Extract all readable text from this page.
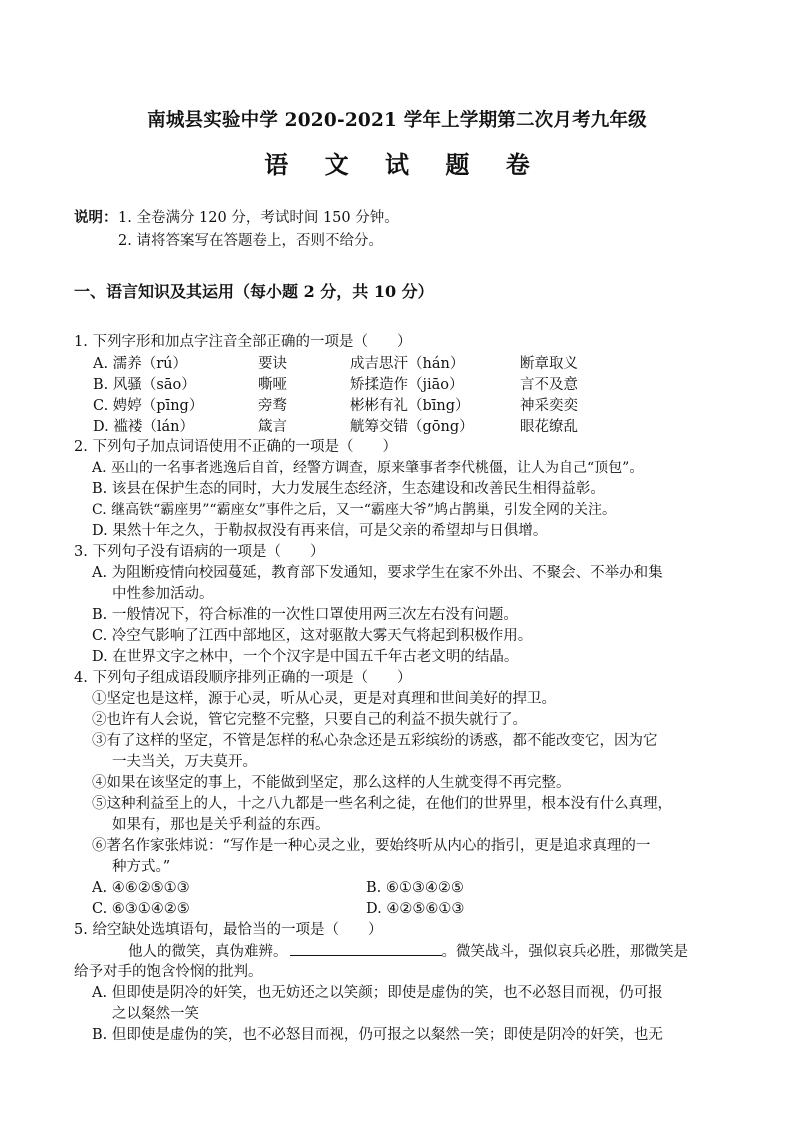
南城县实验中学 2020-2021 学年上学期第二次月考九年级
语 文 试 题 卷
说明： 1. 全卷满分 120 分，考试时间 150 分钟。
2. 请将答案写在答题卷上，否则不给分。
一、语言知识及其运用（每小题 2 分，共 10 分）
1. 下列字形和加点字注音全部正确的一项是（　　）
A. 濡养（rú）	要诀	成吉思汗（hán）	断章取义
B. 风骚（sāo）	嘶哑	矫揉造作（jiāo）	言不及意
C. 娉婷（pīng）	旁骛	彬彬有礼（bīng）	神采奕奕
D. 褴褛（lán）	箴言	觥筹交错（gōng）	眼花缭乱
2. 下列句子加点词语使用不正确的一项是（　　）
A. 巫山的一名事者逃逸后自首，经警方调查，原来肇事者李代桃僵，让人为自己“顶包”。
B. 该县在保护生态的同时，大力发展生态经济，生态建设和改善民生相得益彰。
C. 继高铁“霸座男”“霸座女”事件之后，又一“霸座大爷”鸠占鹊巢，引发全网的关注。
D. 果然十年之久，于勒叔叔没有再来信，可是父亲的希望却与日俱增。
3. 下列句子没有语病的一项是（　　）
A. 为阻断疫情向校园蔓延，教育部下发通知，要求学生在家不外出、不聚会、不举办和集
中性参加活动。
B. 一般情况下，符合标准的一次性口罩使用两三次左右没有问题。
C. 冷空气影响了江西中部地区，这对驱散大雾天气将起到积极作用。
D. 在世界文字之林中，一个个汉字是中国五千年古老文明的结晶。
4. 下列句子组成语段顺序排列正确的一项是（　　）
①坚定也是这样，源于心灵，听从心灵，更是对真理和世间美好的捍卫。
②也许有人会说，管它完整不完整，只要自己的利益不损失就行了。
③有了这样的坚定，不管是怎样的私心杂念还是五彩缤纷的诱惑，都不能改变它，因为它
一夫当关，万夫莫开。
④如果在该坚定的事上，不能做到坚定，那么这样的人生就变得不再完整。
⑤这种利益至上的人，十之八九都是一些名利之徒，在他们的世界里，根本没有什么真理，
如果有，那也是关乎利益的东西。
⑥著名作家张炜说：“写作是一种心灵之业，要始终听从内心的指引，更是追求真理的一
种方式。”
A. ④⑥②⑤①③	B. ⑥①③④②⑤
C. ⑥③①④②⑤	D. ④②⑤⑥①③
5. 给空缺处选填语句，最恰当的一项是（　　）
他人的微笑，真伪难辨。	。微笑战斗，强似哀兵必胜，那微笑是
给予对手的饱含怜悯的批判。
A. 但即使是阴冷的奸笑，也无妨还之以笑颜；即使是虚伪的笑，也不必怒目而视，仍可报
之以粲然一笑
B. 但即使是虚伪的笑，也不必怒目而视，仍可报之以粲然一笑；即使是阴冷的奸笑，也无
